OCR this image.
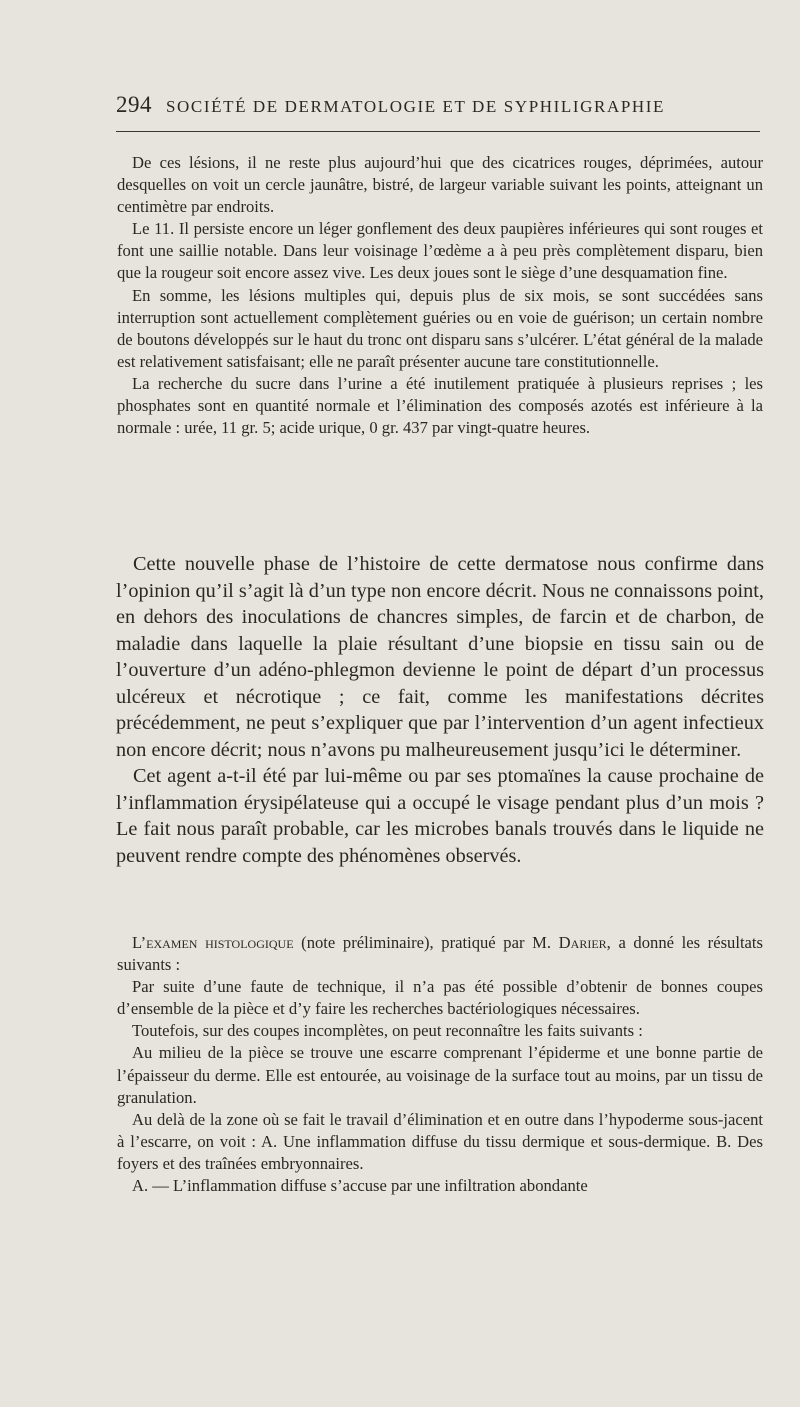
294 SOCIÉTÉ DE DERMATOLOGIE ET DE SYPHILIGRAPHIE

De ces lésions, il ne reste plus aujourd’hui que des cicatrices rouges, déprimées, autour desquelles on voit un cercle jaunâtre, bistré, de largeur variable suivant les points, atteignant un centimètre par endroits.

Le 11. Il persiste encore un léger gonflement des deux paupières inférieures qui sont rouges et font une saillie notable. Dans leur voisinage l’œdème a à peu près complètement disparu, bien que la rougeur soit encore assez vive. Les deux joues sont le siège d’une desquamation fine.

En somme, les lésions multiples qui, depuis plus de six mois, se sont succédées sans interruption sont actuellement complètement guéries ou en voie de guérison; un certain nombre de boutons développés sur le haut du tronc ont disparu sans s’ulcérer. L’état général de la malade est relativement satisfaisant; elle ne paraît présenter aucune tare constitutionnelle.

La recherche du sucre dans l’urine a été inutilement pratiquée à plusieurs reprises ; les phosphates sont en quantité normale et l’élimination des composés azotés est inférieure à la normale : urée, 11 gr. 5; acide urique, 0 gr. 437 par vingt-quatre heures.

Cette nouvelle phase de l’histoire de cette dermatose nous confirme dans l’opinion qu’il s’agit là d’un type non encore décrit. Nous ne connaissons point, en dehors des inoculations de chancres simples, de farcin et de charbon, de maladie dans laquelle la plaie résultant d’une biopsie en tissu sain ou de l’ouverture d’un adéno-phlegmon devienne le point de départ d’un processus ulcéreux et nécrotique ; ce fait, comme les manifestations décrites précédemment, ne peut s’expliquer que par l’intervention d’un agent infectieux non encore décrit; nous n’avons pu malheureusement jusqu’ici le déterminer.

Cet agent a-t-il été par lui-même ou par ses ptomaïnes la cause prochaine de l’inflammation érysipélateuse qui a occupé le visage pendant plus d’un mois ? Le fait nous paraît probable, car les microbes banals trouvés dans le liquide ne peuvent rendre compte des phénomènes observés.

L’examen histologique (note préliminaire), pratiqué par M. Darier, a donné les résultats suivants :

Par suite d’une faute de technique, il n’a pas été possible d’obtenir de bonnes coupes d’ensemble de la pièce et d’y faire les recherches bactériologiques nécessaires.

Toutefois, sur des coupes incomplètes, on peut reconnaître les faits suivants :

Au milieu de la pièce se trouve une escarre comprenant l’épiderme et une bonne partie de l’épaisseur du derme. Elle est entourée, au voisinage de la surface tout au moins, par un tissu de granulation.

Au delà de la zone où se fait le travail d’élimination et en outre dans l’hypoderme sous-jacent à l’escarre, on voit : A. Une inflammation diffuse du tissu dermique et sous-dermique. B. Des foyers et des traînées embryonnaires.

A. — L’inflammation diffuse s’accuse par une infiltration abondante
